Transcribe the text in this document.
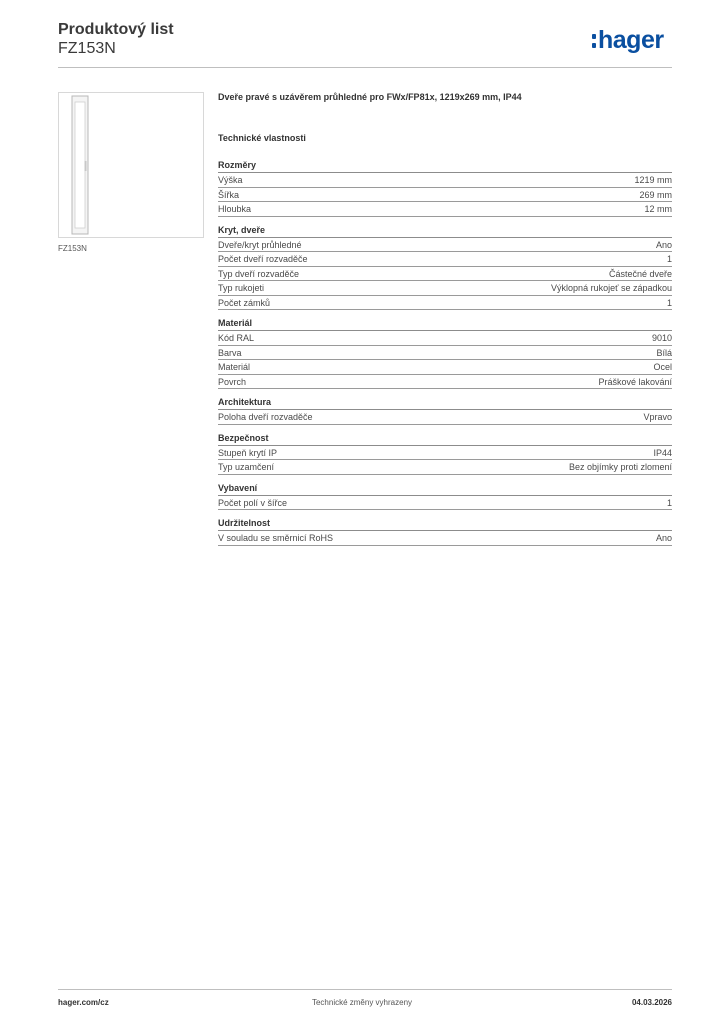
Produktový list
FZ153N	hager
FZ153N
Dveře pravé s uzávěrem průhledné pro FWx/FP81x, 1219x269 mm, IP44
Technické vlastnosti
Rozměry
Výška	1219 mm
Šířka	269 mm
Hloubka	12 mm
Kryt, dveře
Dveře/kryt průhledné	Ano
Počet dveří rozvaděče	1
Typ dveří rozvaděče	Částečné dveře
Typ rukojeti	Výklopná rukojeť se západkou
Počet zámků	1
Materiál
Kód RAL	9010
Barva	Bílá
Materiál	Ocel
Povrch	Práškové lakování
Architektura
Poloha dveří rozvaděče	Vpravo
Bezpečnost
Stupeň krytí IP	IP44
Typ uzamčení	Bez objímky proti zlomení
Vybavení
Počet polí v šířce	1
Udržitelnost
V souladu se směrnicí RoHS	Ano
hager.com/cz	Technické změny vyhrazeny	04.03.2026
